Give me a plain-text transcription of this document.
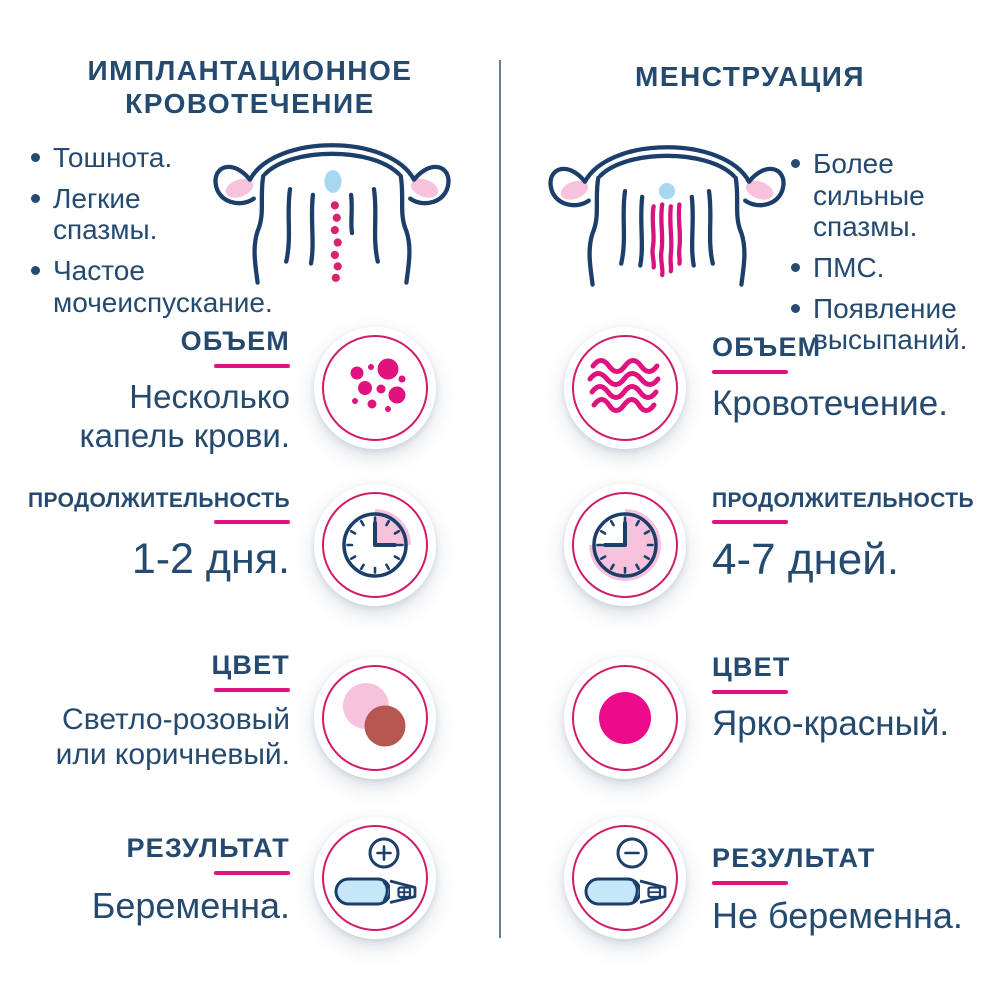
ИМПЛАНТАЦИОННОЕ КРОВОТЕЧЕНИЕ
Тошнота.
Легкие спазмы.
Частое мочеиспускание.
ОБЪЕМ
Несколько капель крови.
ПРОДОЛЖИТЕЛЬНОСТЬ
1-2 дня.
ЦВЕТ
Светло-розовый или коричневый.
РЕЗУЛЬТАТ
Беременна.
МЕНСТРУАЦИЯ
Более сильные спазмы.
ПМС.
Появление высыпаний.
ОБЪЕМ
Кровотечение.
ПРОДОЛЖИТЕЛЬНОСТЬ
4-7 дней.
ЦВЕТ
Ярко-красный.
РЕЗУЛЬТАТ
Не беременна.
